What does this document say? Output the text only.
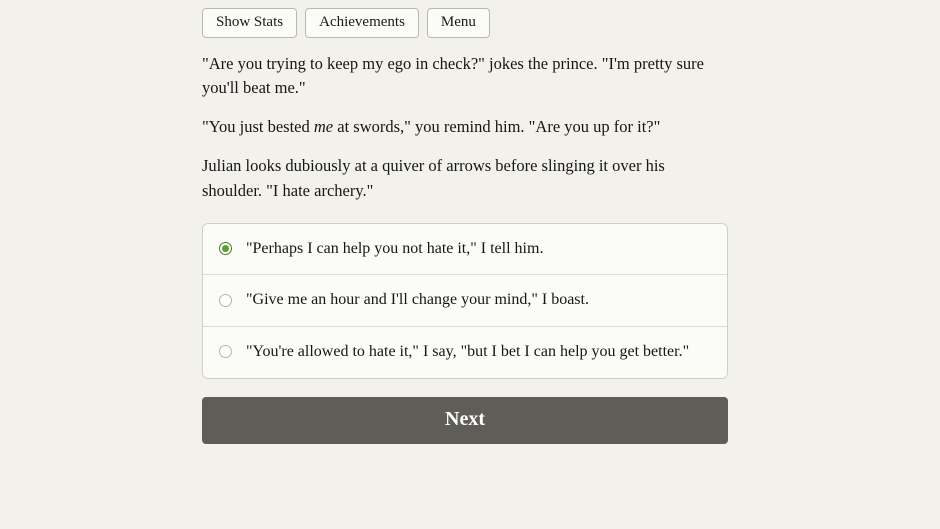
Show Stats	Achievements	Menu

"Are you trying to keep my ego in check?" jokes the prince. "I'm pretty sure you'll beat me."

"You just bested me at swords," you remind him. "Are you up for it?"

Julian looks dubiously at a quiver of arrows before slinging it over his shoulder. "I hate archery."

"Perhaps I can help you not hate it," I tell him.
"Give me an hour and I'll change your mind," I boast.
"You're allowed to hate it," I say, "but I bet I can help you get better."
Next
